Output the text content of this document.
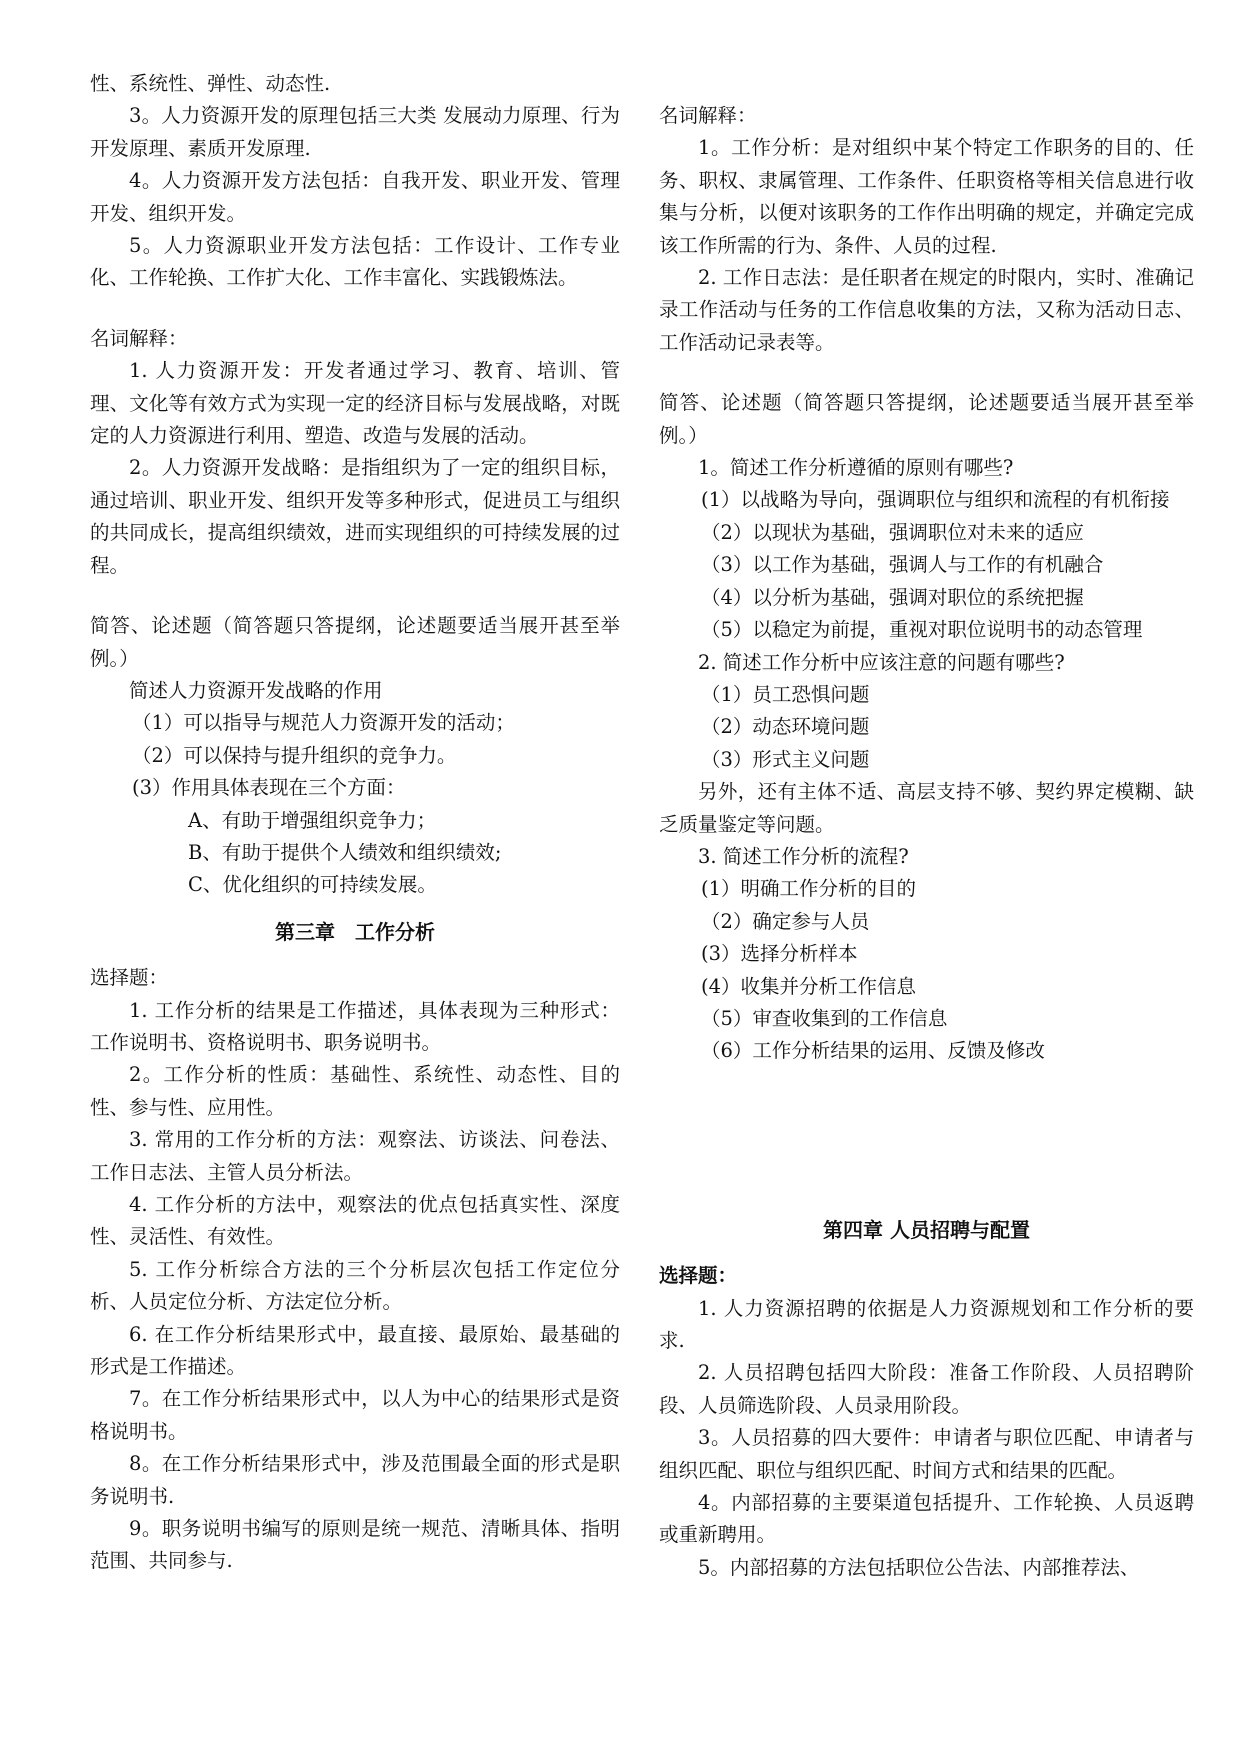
性、系统性、弹性、动态性.

3。人力资源开发的原理包括三大类 发展动力原理、行为开发原理、素质开发原理.

4。人力资源开发方法包括：自我开发、职业开发、管理开发、组织开发。

5。人力资源职业开发方法包括：工作设计、工作专业化、工作轮换、工作扩大化、工作丰富化、实践锻炼法。

名词解释：

1. 人力资源开发：开发者通过学习、教育、培训、管理、文化等有效方式为实现一定的经济目标与发展战略，对既定的人力资源进行利用、塑造、改造与发展的活动。

2。人力资源开发战略：是指组织为了一定的组织目标，通过培训、职业开发、组织开发等多种形式，促进员工与组织的共同成长，提高组织绩效，进而实现组织的可持续发展的过程。

简答、论述题（简答题只答提纲，论述题要适当展开甚至举例。）

简述人力资源开发战略的作用

（1）可以指导与规范人力资源开发的活动；

（2）可以保持与提升组织的竞争力。

(3）作用具体表现在三个方面：

A、有助于增强组织竞争力；

B、有助于提供个人绩效和组织绩效;

C、优化组织的可持续发展。

第三章　工作分析

选择题：

1. 工作分析的结果是工作描述，具体表现为三种形式：工作说明书、资格说明书、职务说明书。

2。工作分析的性质：基础性、系统性、动态性、目的性、参与性、应用性。

3. 常用的工作分析的方法：观察法、访谈法、问卷法、工作日志法、主管人员分析法。

4. 工作分析的方法中，观察法的优点包括真实性、深度性、灵活性、有效性。

5. 工作分析综合方法的三个分析层次包括工作定位分析、人员定位分析、方法定位分析。

6. 在工作分析结果形式中，最直接、最原始、最基础的形式是工作描述。

7。在工作分析结果形式中，以人为中心的结果形式是资格说明书。

8。在工作分析结果形式中，涉及范围最全面的形式是职务说明书.

9。职务说明书编写的原则是统一规范、清晰具体、指明范围、共同参与.

名词解释：

1。工作分析：是对组织中某个特定工作职务的目的、任务、职权、隶属管理、工作条件、任职资格等相关信息进行收集与分析，以便对该职务的工作作出明确的规定，并确定完成该工作所需的行为、条件、人员的过程.

2. 工作日志法：是任职者在规定的时限内，实时、准确记录工作活动与任务的工作信息收集的方法，又称为活动日志、工作活动记录表等。

简答、论述题（简答题只答提纲，论述题要适当展开甚至举例。）

1。简述工作分析遵循的原则有哪些?

(1）以战略为导向，强调职位与组织和流程的有机衔接

（2）以现状为基础，强调职位对未来的适应

（3）以工作为基础，强调人与工作的有机融合

（4）以分析为基础，强调对职位的系统把握

（5）以稳定为前提，重视对职位说明书的动态管理

2. 简述工作分析中应该注意的问题有哪些?

（1）员工恐惧问题

（2）动态环境问题

（3）形式主义问题

另外，还有主体不适、高层支持不够、契约界定模糊、缺乏质量鉴定等问题。

3. 简述工作分析的流程?

(1）明确工作分析的目的

（2）确定参与人员

(3）选择分析样本

(4）收集并分析工作信息

（5）审查收集到的工作信息

（6）工作分析结果的运用、反馈及修改

第四章 人员招聘与配置

选择题：

1. 人力资源招聘的依据是人力资源规划和工作分析的要求.

2. 人员招聘包括四大阶段：准备工作阶段、人员招聘阶段、人员筛选阶段、人员录用阶段。

3。人员招募的四大要件：申请者与职位匹配、申请者与组织匹配、职位与组织匹配、时间方式和结果的匹配。

4。内部招募的主要渠道包括提升、工作轮换、人员返聘或重新聘用。

5。内部招募的方法包括职位公告法、内部推荐法、
